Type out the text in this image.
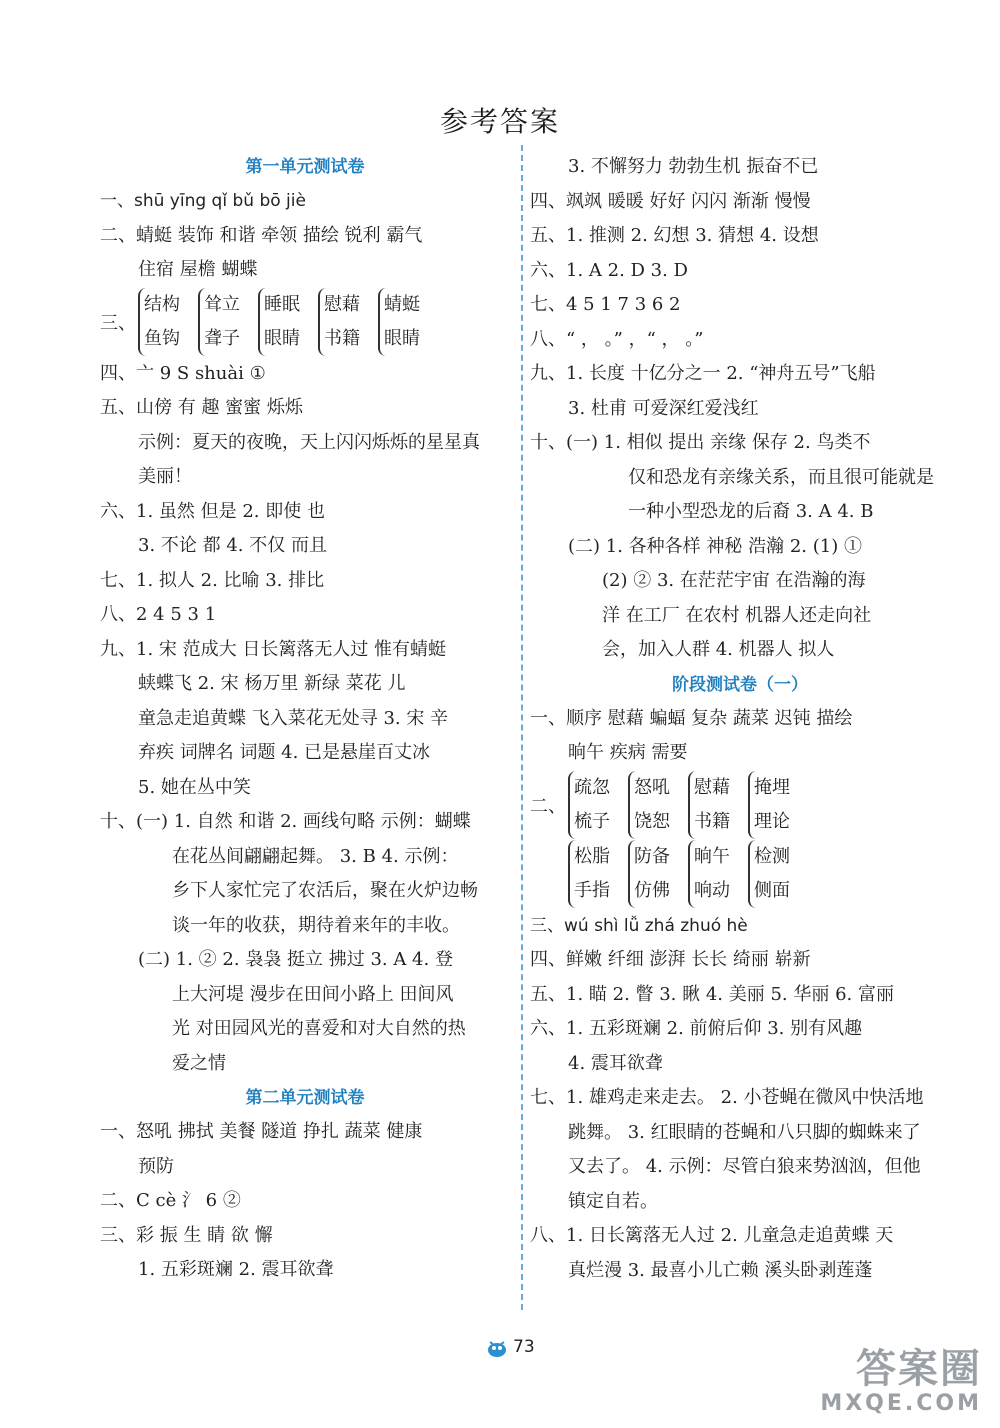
参考答案
第一单元测试卷
一、shū yīng qǐ bǔ bō jiè
二、蜻蜓 装饰 和谐 牵领 描绘 锐利 霸气
住宿 屋檐 蝴蝶
三、
结构
鱼钩
耸立
聋子
睡眠
眼睛
慰藉
书籍
蜻蜓
眼睛
四、亠 9 S shuài ①
五、山傍 有 趣 蜜蜜 烁烁
示例：夏天的夜晚，天上闪闪烁烁的星星真
美丽！
六、1. 虽然 但是 2. 即使 也
3. 不论 都 4. 不仅 而且
七、1. 拟人 2. 比喻 3. 排比
八、2 4 5 3 1
九、1. 宋 范成大 日长篱落无人过 惟有蜻蜓
蛱蝶飞 2. 宋 杨万里 新绿 菜花 儿
童急走追黄蝶 飞入菜花无处寻 3. 宋 辛
弃疾 词牌名 词题 4. 已是悬崖百丈冰
5. 她在丛中笑
十、(一) 1. 自然 和谐 2. 画线句略 示例：蝴蝶
在花丛间翩翩起舞。 3. B 4. 示例：
乡下人家忙完了农活后，聚在火炉边畅
谈一年的收获，期待着来年的丰收。
(二) 1. ② 2. 袅袅 挺立 拂过 3. A 4. 登
上大河堤 漫步在田间小路上 田间风
光 对田园风光的喜爱和对大自然的热
爱之情
第二单元测试卷
一、怒吼 拂拭 美餐 隧道 挣扎 蔬菜 健康
预防
二、C cè 氵 6 ②
三、彩 振 生 睛 欲 懈
1. 五彩斑斓 2. 震耳欲聋
3. 不懈努力 勃勃生机 振奋不已
四、飒飒 暖暖 好好 闪闪 渐渐 慢慢
五、1. 推测 2. 幻想 3. 猜想 4. 设想
六、1. A 2. D 3. D
七、4 5 1 7 3 6 2
八、“ ， 。” ，“ ， 。”
九、1. 长度 十亿分之一 2. “神舟五号”飞船
3. 杜甫 可爱深红爱浅红
十、(一) 1. 相似 提出 亲缘 保存 2. 鸟类不
仅和恐龙有亲缘关系，而且很可能就是
一种小型恐龙的后裔 3. A 4. B
(二) 1. 各种各样 神秘 浩瀚 2. (1) ①
(2) ② 3. 在茫茫宇宙 在浩瀚的海
洋 在工厂 在农村 机器人还走向社
会，加入人群 4. 机器人 拟人
阶段测试卷（一）
一、顺序 慰藉 蝙蝠 复杂 蔬菜 迟钝 描绘
晌午 疾病 需要
二、
疏忽
梳子
怒吼
饶恕
慰藉
书籍
掩埋
理论
松脂
手指
防备
仿佛
晌午
响动
检测
侧面
三、wú shì lǚ zhá zhuó hè
四、鲜嫩 纤细 澎湃 长长 绮丽 崭新
五、1. 瞄 2. 瞥 3. 瞅 4. 美丽 5. 华丽 6. 富丽
六、1. 五彩斑斓 2. 前俯后仰 3. 别有风趣
4. 震耳欲聋
七、1. 雄鸡走来走去。 2. 小苍蝇在微风中快活地
跳舞。 3. 红眼睛的苍蝇和八只脚的蜘蛛来了
又去了。 4. 示例：尽管白狼来势汹汹，但他
镇定自若。
八、1. 日长篱落无人过 2. 儿童急走追黄蝶 天
真烂漫 3. 最喜小儿亡赖 溪头卧剥莲蓬
73	答案圈
MXQE.COM
